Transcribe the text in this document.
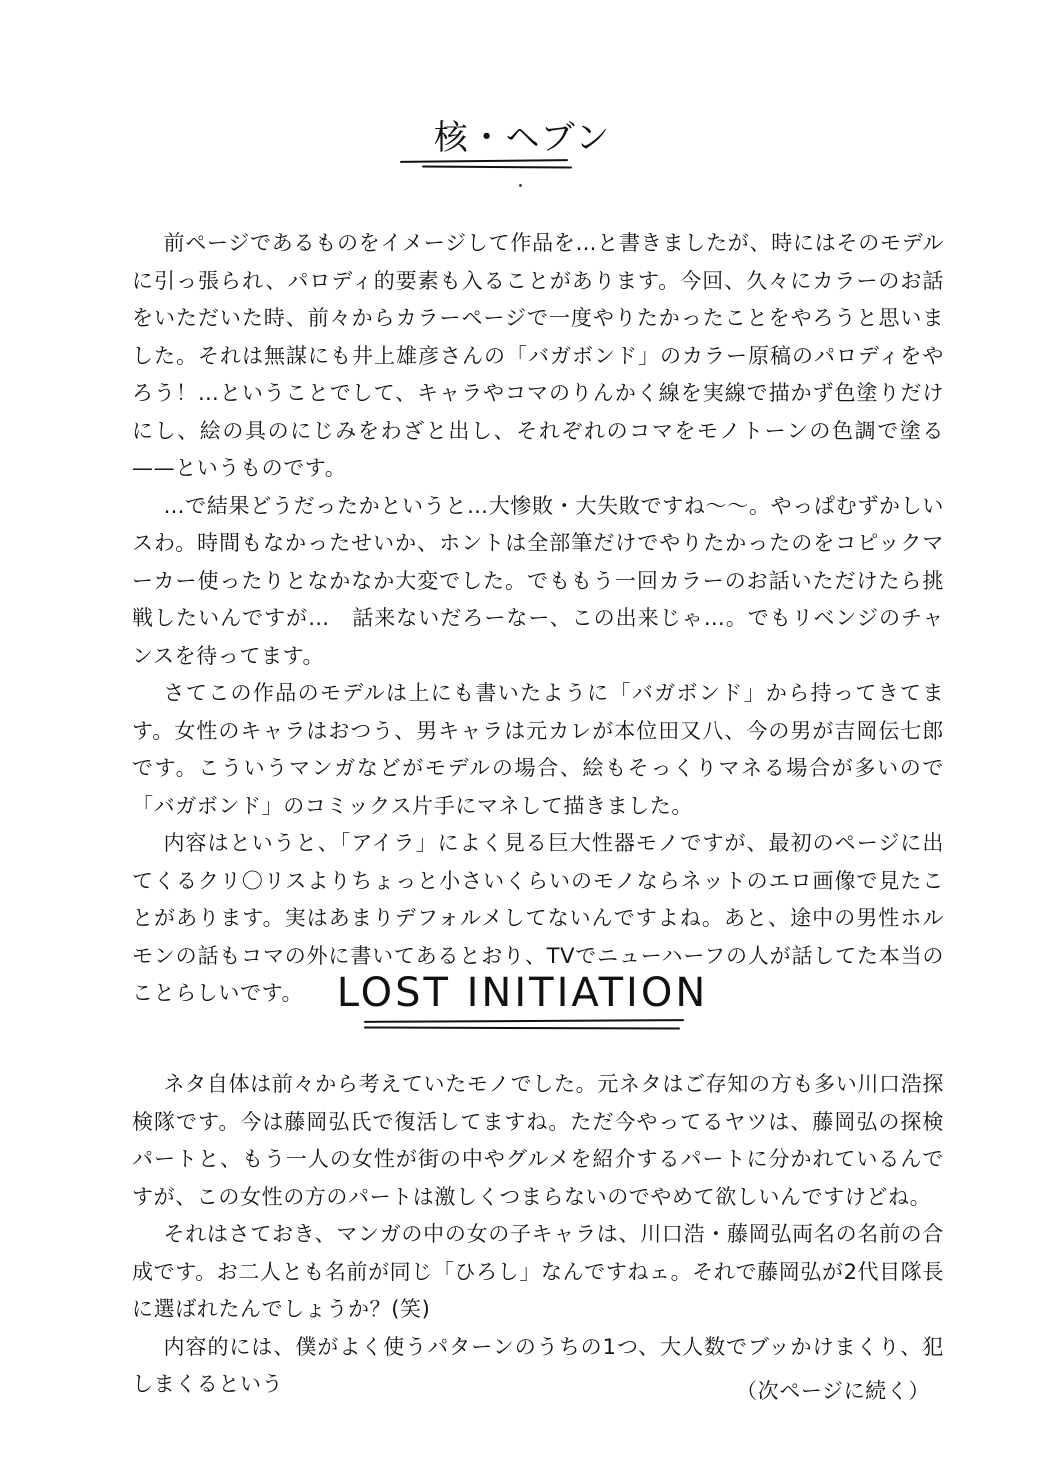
核・ヘブン

前ページであるものをイメージして作品を…と書きましたが、時にはそのモデルに引っ張られ、パロディ的要素も入ることがあります。今回、久々にカラーのお話をいただいた時、前々からカラーページで一度やりたかったことをやろうと思いました。それは無謀にも井上雄彦さんの「バガボンド」のカラー原稿のパロディをやろう！…ということでして、キャラやコマのりんかく線を実線で描かず色塗りだけにし、絵の具のにじみをわざと出し、それぞれのコマをモノトーンの色調で塗る——というものです。

…で結果どうだったかというと…大惨敗・大失敗ですね〜〜。やっぱむずかしいスわ。時間もなかったせいか、ホントは全部筆だけでやりたかったのをコピックマーカー使ったりとなかなか大変でした。でももう一回カラーのお話いただけたら挑戦したいんですが…　話来ないだろーなー、この出来じゃ…。でもリベンジのチャンスを待ってます。

さてこの作品のモデルは上にも書いたように「バガボンド」から持ってきてます。女性のキャラはおつう、男キャラは元カレが本位田又八、今の男が吉岡伝七郎です。こういうマンガなどがモデルの場合、絵もそっくりマネる場合が多いので「バガボンド」のコミックス片手にマネして描きました。

内容はというと、「アイラ」によく見る巨大性器モノですが、最初のページに出てくるクリ〇リスよりちょっと小さいくらいのモノならネットのエロ画像で見たことがあります。実はあまりデフォルメしてないんですよね。あと、途中の男性ホルモンの話もコマの外に書いてあるとおり、TVでニューハーフの人が話してた本当のことらしいです。 LOST INITIATION

ネタ自体は前々から考えていたモノでした。元ネタはご存知の方も多い川口浩探検隊です。今は藤岡弘氏で復活してますね。ただ今やってるヤツは、藤岡弘の探検パートと、もう一人の女性が街の中やグルメを紹介するパートに分かれているんですが、この女性の方のパートは激しくつまらないのでやめて欲しいんですけどね。

それはさておき、マンガの中の女の子キャラは、川口浩・藤岡弘両名の名前の合成です。お二人とも名前が同じ「ひろし」なんですねェ。それで藤岡弘が2代目隊長に選ばれたんでしょうか？(笑)

内容的には、僕がよく使うパターンのうちの1つ、大人数でブッかけまくり、犯しまくるという	（次ページに続く）
